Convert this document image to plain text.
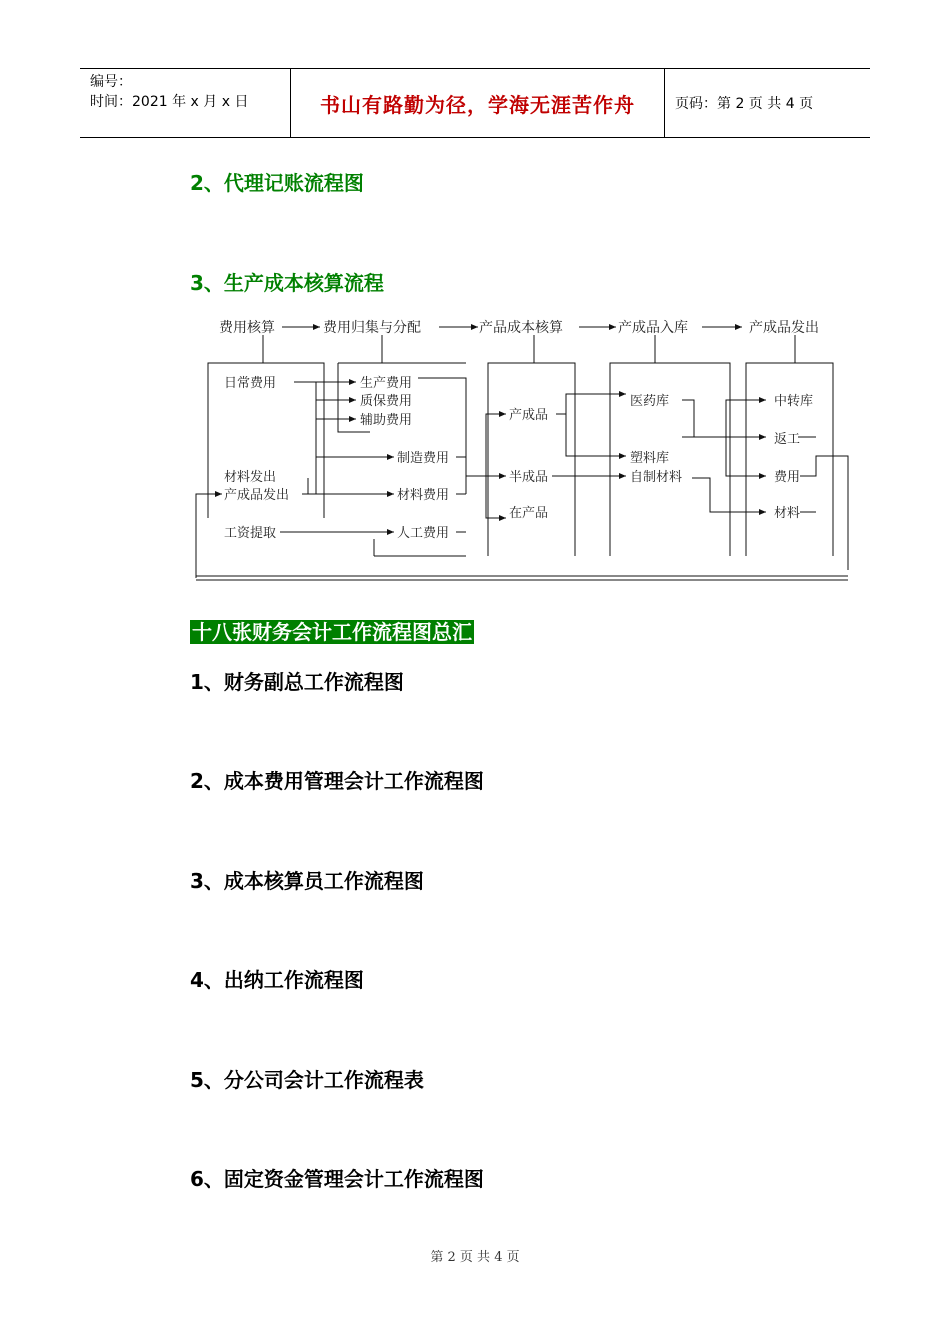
编号：
时间：2021 年 x 月 x 日	书山有路勤为径，学海无涯苦作舟	页码：第 2 页 共 4 页
2、代理记账流程图
3、生产成本核算流程
费用核算	费用归集与分配	产品成本核算	产成品入库	产成品发出
日常费用
材料发出
产成品发出
工资提取
生产费用
质保费用
辅助费用
制造费用
材料费用
人工费用
产成品
半成品
在产品
医药库
塑料库
自制材料
中转库
返工
费用
材料
十八张财务会计工作流程图总汇
1、财务副总工作流程图
2、成本费用管理会计工作流程图
3、成本核算员工作流程图
4、出纳工作流程图
5、分公司会计工作流程表
6、固定资金管理会计工作流程图
第 2 页 共 4 页
